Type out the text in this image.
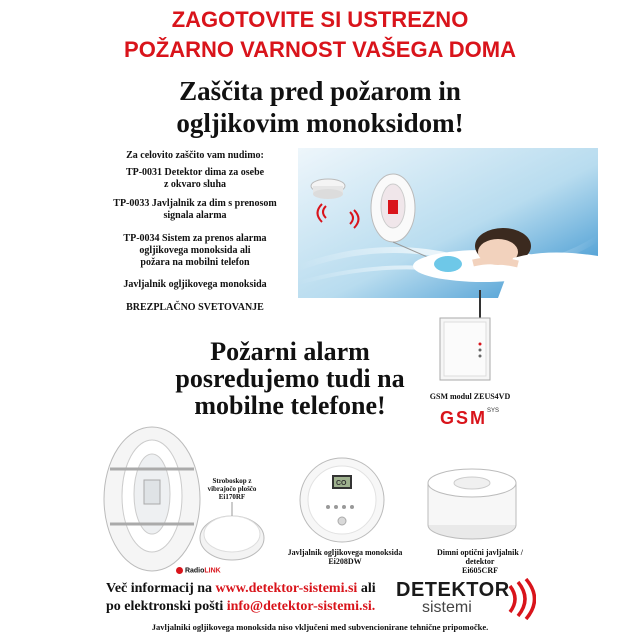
ZAGOTOVITE SI USTREZNO
POŽARNO VARNOST VAŠEGA DOMA
Zaščita pred požarom in
ogljikovim monoksidom!
Za celovito zaščito vam nudimo:
TP-0031 Detektor dima za osebe
z okvaro sluha
TP-0033 Javljalnik za dim s prenosom
signala alarma
TP-0034 Sistem za prenos alarma
ogljikovega monoksida ali
požara na mobilni telefon
Javljalnik ogljikovega monoksida
BREZPLAČNO SVETOVANJE
Požarni alarm
posredujemo tudi na
mobilne telefone!	GSM modul ZEUS4VD
$GSM^{SYS}$
RadioLINK
Stroboskop z
vibrajočo ploščo
Ei170RF
CO
Javljalnik ogljikovega monoksida
Ei208DW
Dimni optični javljalnik / detektor
Ei605CRF
Več informacij na www.detektor-sistemi.si ali
po elektronski pošti info@detektor-sistemi.si.
DETEKTOR
sistemi
Javljalniki ogljikovega monoksida niso vključeni med subvencionirane tehnične pripomočke.
